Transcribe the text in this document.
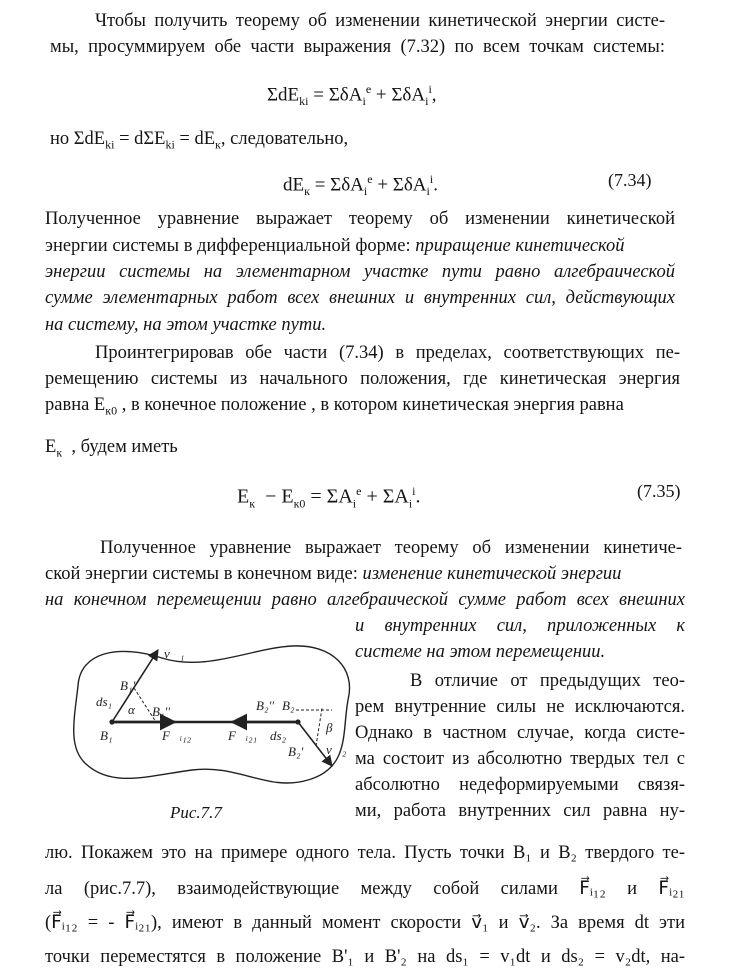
Чтобы получить теорему об изменении кинетической энергии систе-
мы, просуммируем обе части выражения (7.32) по всем точкам системы:
ΣdE$_{ki}$ = ΣδA$_i^e$ + ΣδA$_i^i$,
но $\Sigma dE_{ki} = d\Sigma E_{ki} = dE_к$, следовательно,
$dE_к = \Sigma\delta A_i^e + \Sigma\delta A_i^i$.	(7.34)
Полученное уравнение выражает теорему об изменении кинетической
энергии системы в дифференциальной форме: приращение кинетической
энергии системы на элементарном участке пути равно алгебраической
сумме элементарных работ всех внешних и внутренних сил, действующих
на систему, на этом участке пути.
Проинтегрировав обе части (7.34) в пределах, соответствующих пе-
ремещению системы из начального положения, где кинетическая энергия
равна $E_{к0}$ , в конечное положение , в котором кинетическая энергия равна
$E_к$  , будем иметь
$E_к - E_{к0} = \Sigma A_i^e + \Sigma A_i^i$.	(7.35)
Полученное уравнение выражает теорему об изменении кинетиче-
ской энергии системы в конечном виде: изменение кинетической энергии
на конечном перемещении равно алгебраической сумме работ всех внешних
и внутренних сил, приложенных к
системе на этом перемещении.
v⃗₁
B₁'
ds₁
α B₁''
B₁	F⃗ᵢ₁₂	F⃗ᵢ₂₁
B₂'' B₂
β
ds₂
v⃗₂
B₂'
Рис.7.7
В отличие от предыдущих тео-
рем внутренние силы не исключаются.
Однако в частном случае, когда систе-
ма состоит из абсолютно твердых тел с
абсолютно недеформируемыми связя-
ми, работа внутренних сил равна ну-
лю. Покажем это на примере одного тела. Пусть точки B₁ и B₂ твердого те-
ла (рис.7.7), взаимодействующие между собой силами F⃗ᵢ₁₂ и F⃗ᵢ₂₁
(F⃗ᵢ₁₂ = - F⃗ᵢ₂₁), имеют в данный момент скорости v⃗₁ и v⃗₂. За время dt эти
точки переместятся в положение B'₁ и B'₂ на ds₁ = v₁dt и ds₂ = v₂dt, на-
